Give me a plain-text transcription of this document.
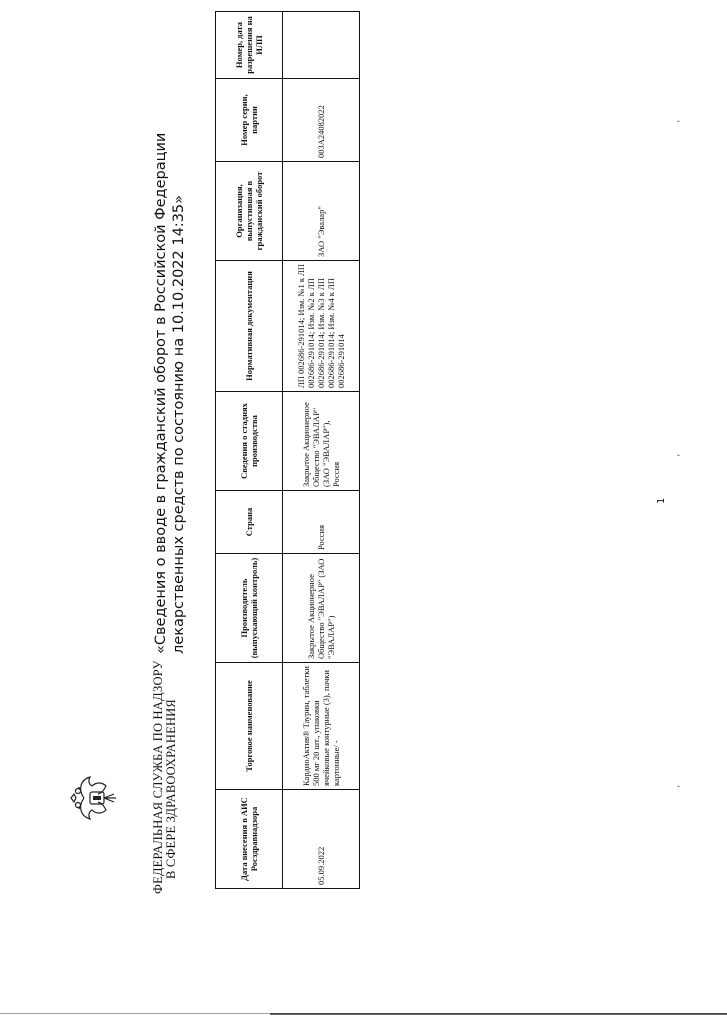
ФЕДЕРАЛЬНАЯ СЛУЖБА ПО НАДЗОРУ В СФЕРЕ ЗДРАВООХРАНЕНИЯ
«Сведения о вводе в гражданский оборот в Российской Федерации лекарственных средств по состоянию на 10.10.2022 14:35»
Дата внесения в АИС Росздравнадзора	Торговое наименование	Производитель (выпускающий контроль)	Страна	Сведения о стадиях производства	Нормативная документация	Организация, выпустившая в гражданский оборот	Номер серии, партии	Номер, дата разрешения на ИЛП
05.09.2022	КардиоАктив® Таурин, таблетки 500 мг 20 шт., упаковки ячейковые контурные (3), пачки картонные/ -	Закрытое Акционерное Общество "ЭВАЛАР" (ЗАО "ЭВАЛАР")	Россия	Закрытое Акционерное Общество "ЭВАЛАР" (ЗАО "ЭВАЛАР"), Россия	ЛП 002686-291014; Изм. №1 к ЛП 002686-291014; Изм. №2 к ЛП 002686-291014; Изм. №3 к ЛП 002686-291014; Изм. №4 к ЛП 002686-291014	ЗАО "Эвалар"	003А24082022	
1
'
'
'
